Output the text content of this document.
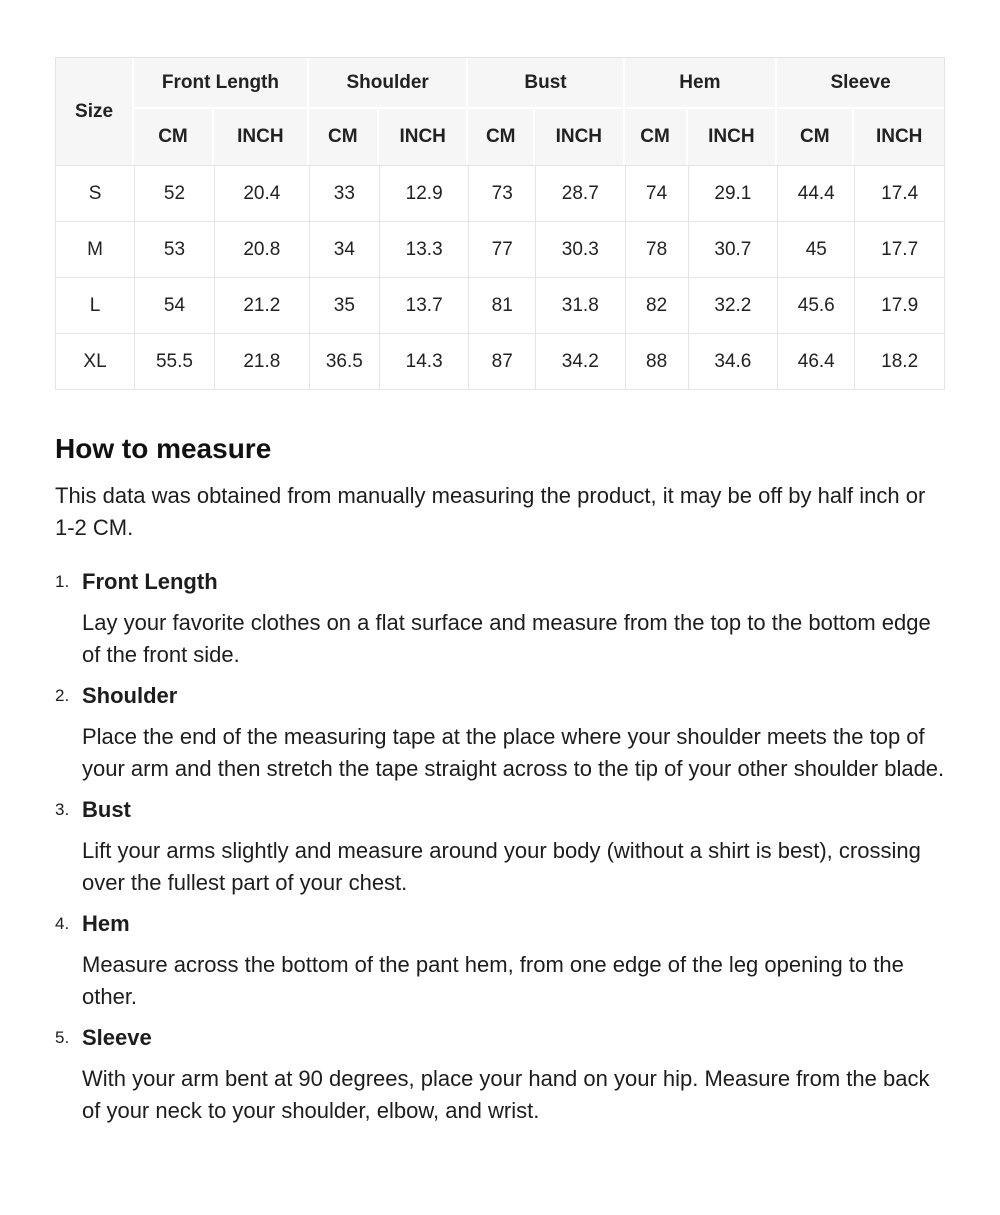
Size	Front Length		Shoulder		Bust		Hem		Sleeve	
	CM	INCH	CM	INCH	CM	INCH	CM	INCH	CM	INCH
S	52	20.4	33	12.9	73	28.7	74	29.1	44.4	17.4
M	53	20.8	34	13.3	77	30.3	78	30.7	45	17.7
L	54	21.2	35	13.7	81	31.8	82	32.2	45.6	17.9
XL	55.5	21.8	36.5	14.3	87	34.2	88	34.6	46.4	18.2
How to measure

This data was obtained from manually measuring the product, it may be off by half inch or 1-2 CM.

1. Front Length

Lay your favorite clothes on a flat surface and measure from the top to the bottom edge of the front side.

2. Shoulder

Place the end of the measuring tape at the place where your shoulder meets the top of your arm and then stretch the tape straight across to the tip of your other shoulder blade.

3. Bust

Lift your arms slightly and measure around your body (without a shirt is best), crossing over the fullest part of your chest.

4. Hem

Measure across the bottom of the pant hem, from one edge of the leg opening to the other.

5. Sleeve

With your arm bent at 90 degrees, place your hand on your hip. Measure from the back of your neck to your shoulder, elbow, and wrist.
